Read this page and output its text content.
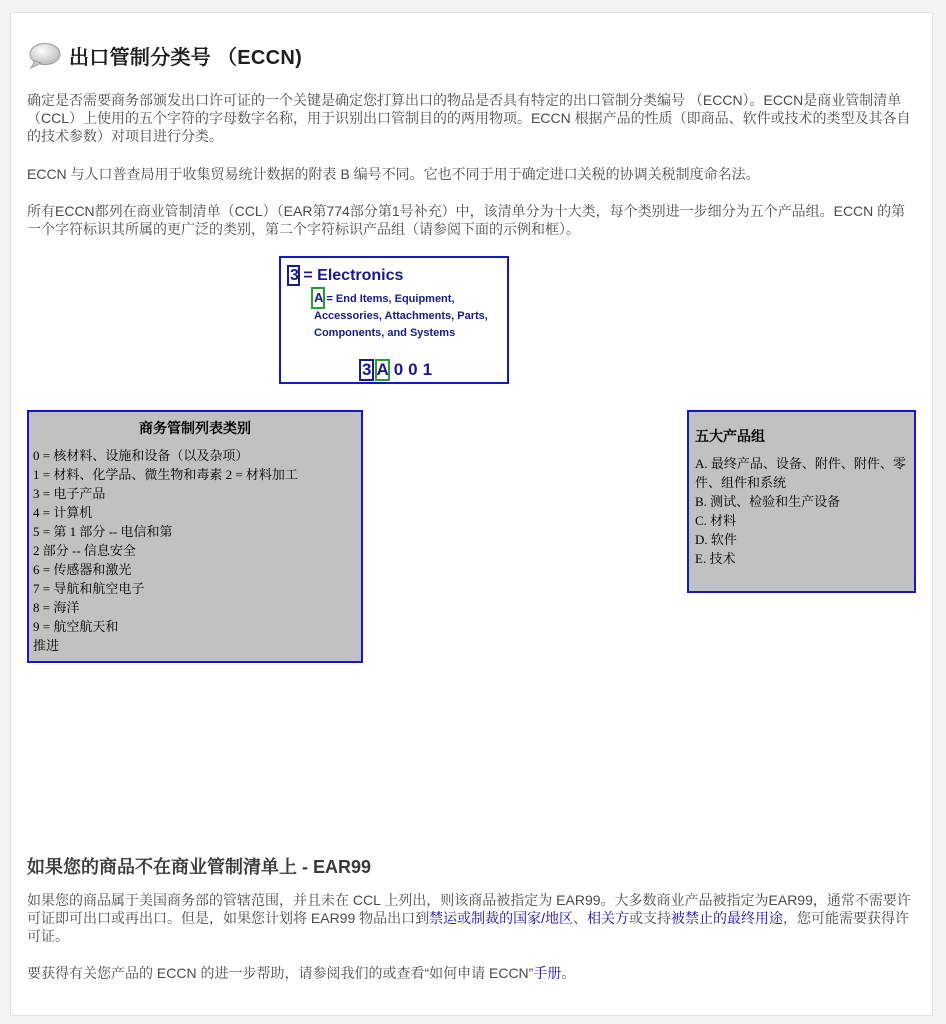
出口管制分类号 （ECCN)

确定是否需要商务部颁发出口许可证的一个关键是确定您打算出口的物品是否具有特定的出口管制分类编号 （ECCN）。ECCN是商业管制清单（CCL）上使用的五个字符的字母数字名称，用于识别出口管制目的的两用物项。ECCN 根据产品的性质（即商品、软件或技术的类型及其各自的技术参数）对项目进行分类。

ECCN 与人口普查局用于收集贸易统计数据的附表 B 编号不同。它也不同于用于确定进口关税的协调关税制度命名法。

所有ECCN都列在商业管制清单（CCL）（EAR第774部分第1号补充）中，该清单分为十大类，每个类别进一步细分为五个产品组。ECCN 的第一个字符标识其所属的更广泛的类别，第二个字符标识产品组（请参阅下面的示例和框）。

3 = Electronics
A = End Items, Equipment, Accessories, Attachments, Parts, Components, and Systems
3A001
商务管制列表类别
0 = 核材料、设施和设备（以及杂项）
1 = 材料、化学品、微生物和毒素 2 = 材料加工
3 = 电子产品
4 = 计算机
5 = 第 1 部分 -- 电信和第
2 部分 -- 信息安全
6 = 传感器和激光
7 = 导航和航空电子
8 = 海洋
9 = 航空航天和
推进
五大产品组
A. 最终产品、设备、附件、附件、零件、组件和系统
B. 测试、检验和生产设备
C. 材料
D. 软件
E. 技术
如果您的商品不在商业管制清单上 - EAR99

如果您的商品属于美国商务部的管辖范围，并且未在 CCL 上列出，则该商品被指定为 EAR99。大多数商业产品被指定为EAR99，通常不需要许可证即可出口或再出口。但是，如果您计划将 EAR99 物品出口到禁运或制裁的国家/地区、相关方或支持被禁止的最终用途，您可能需要获得许可证。

要获得有关您产品的 ECCN 的进一步帮助，请参阅我们的或查看“如何申请 ECCN”手册。
